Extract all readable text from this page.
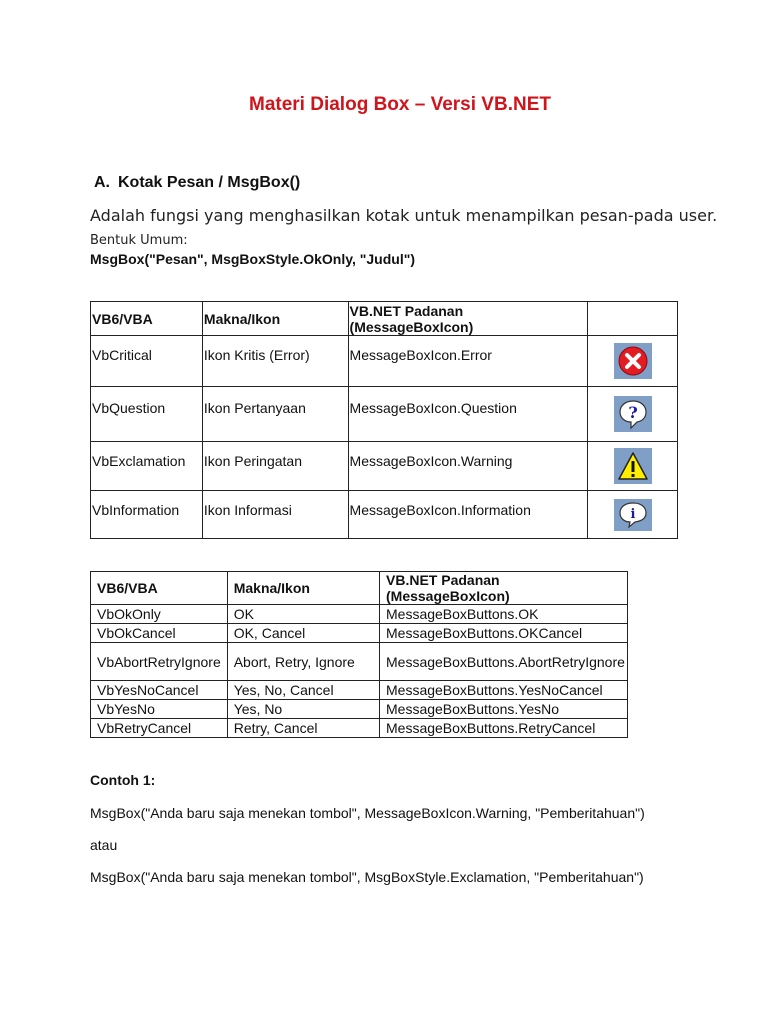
Materi Dialog Box – Versi VB.NET
A. Kotak Pesan / MsgBox()
Adalah fungsi yang menghasilkan kotak untuk menampilkan pesan-pada user.
Bentuk Umum:
MsgBox("Pesan", MsgBoxStyle.OkOnly, "Judul")
VB6/VBA	Makna/Ikon	VB.NET Padanan (MessageBoxIcon)	

VbCritical	Ikon Kritis (Error)	MessageBoxIcon.Error

VbQuestion	Ikon Pertanyaan	MessageBoxIcon.Question	?

VbExclamation	Ikon Peringatan	MessageBoxIcon.Warning

VbInformation	Ikon Informasi	MessageBoxIcon.Information	i
VB6/VBA	Makna/Ikon	VB.NET Padanan (MessageBoxIcon)
VbOkOnly	OK	MessageBoxButtons.OK
VbOkCancel	OK, Cancel	MessageBoxButtons.OKCancel
VbAbortRetryIgnore	Abort, Retry, Ignore	MessageBoxButtons.AbortRetryIgnore
VbYesNoCancel	Yes, No, Cancel	MessageBoxButtons.YesNoCancel
VbYesNo	Yes, No	MessageBoxButtons.YesNo
VbRetryCancel	Retry, Cancel	MessageBoxButtons.RetryCancel
Contoh 1:
MsgBox("Anda baru saja menekan tombol", MessageBoxIcon.Warning, "Pemberitahuan")
atau
MsgBox("Anda baru saja menekan tombol", MsgBoxStyle.Exclamation, "Pemberitahuan")
